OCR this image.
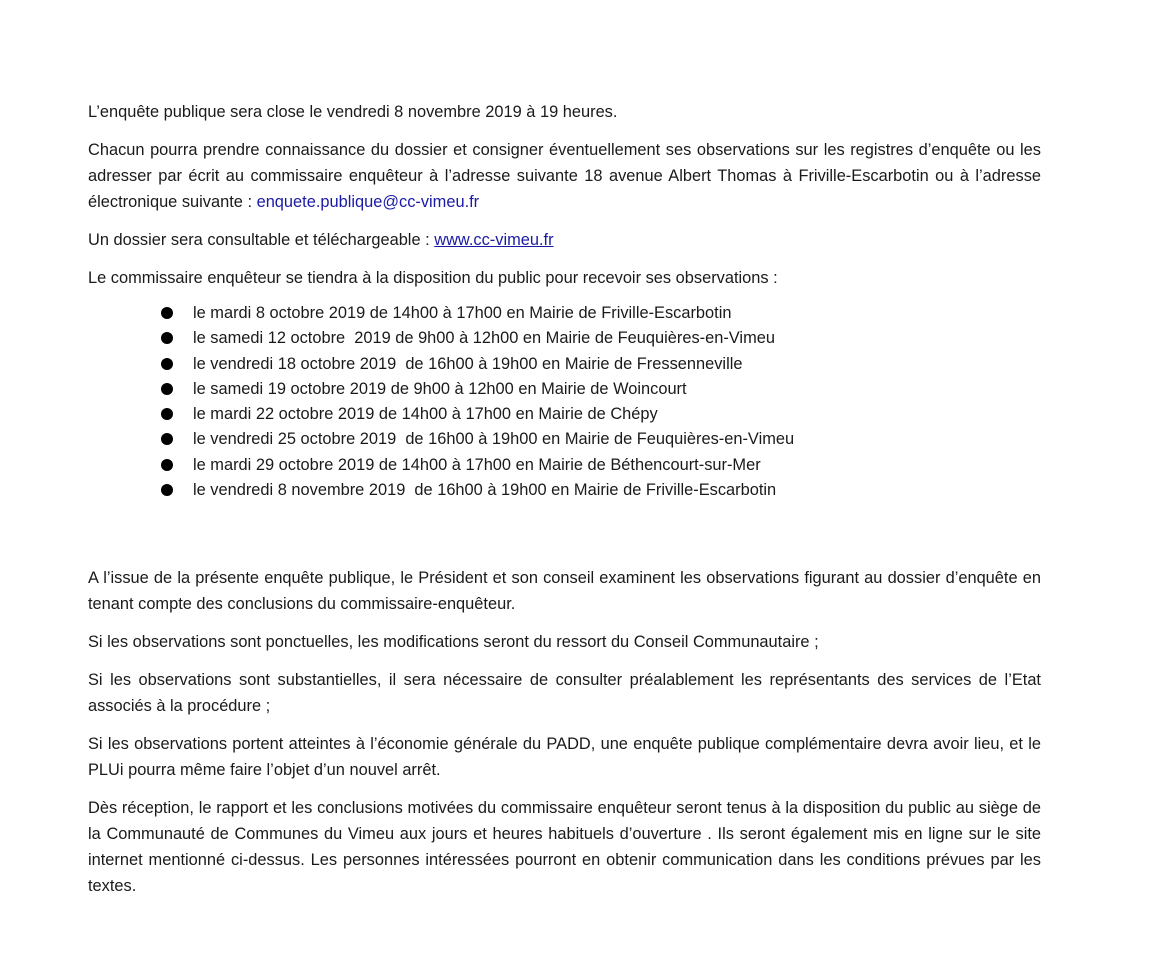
L’enquête publique sera close le vendredi 8 novembre 2019 à 19 heures.

Chacun pourra prendre connaissance du dossier et consigner éventuellement ses observations sur les registres d’enquête ou les adresser par écrit au commissaire enquêteur à l’adresse suivante 18 avenue Albert Thomas à Friville-Escarbotin ou à l’adresse électronique suivante : enquete.publique@cc-vimeu.fr

Un dossier sera consultable et téléchargeable : www.cc-vimeu.fr

Le commissaire enquêteur se tiendra à la disposition du public pour recevoir ses observations :

le mardi 8 octobre 2019 de 14h00 à 17h00 en Mairie de Friville-Escarbotin
le samedi 12 octobre  2019 de 9h00 à 12h00 en Mairie de Feuquières-en-Vimeu
le vendredi 18 octobre 2019  de 16h00 à 19h00 en Mairie de Fressenneville
le samedi 19 octobre 2019 de 9h00 à 12h00 en Mairie de Woincourt
le mardi 22 octobre 2019 de 14h00 à 17h00 en Mairie de Chépy
le vendredi 25 octobre 2019  de 16h00 à 19h00 en Mairie de Feuquières-en-Vimeu
le mardi 29 octobre 2019 de 14h00 à 17h00 en Mairie de Béthencourt-sur-Mer
le vendredi 8 novembre 2019  de 16h00 à 19h00 en Mairie de Friville-Escarbotin

A l’issue de la présente enquête publique, le Président et son conseil examinent les observations figurant au dossier d’enquête en tenant compte des conclusions du commissaire-enquêteur.

Si les observations sont ponctuelles, les modifications seront du ressort du Conseil Communautaire ;

Si les observations sont substantielles, il sera nécessaire de consulter préalablement les représentants des services de l’Etat associés à la procédure ;

Si les observations portent atteintes à l’économie générale du PADD, une enquête publique complémentaire devra avoir lieu, et le PLUi pourra même faire l’objet d’un nouvel arrêt.

Dès réception, le rapport et les conclusions motivées du commissaire enquêteur seront tenus à la disposition du public au siège de la Communauté de Communes du Vimeu aux jours et heures habituels d’ouverture . Ils seront également mis en ligne sur le site internet mentionné ci-dessus. Les personnes intéressées pourront en obtenir communication dans les conditions prévues par les textes.
